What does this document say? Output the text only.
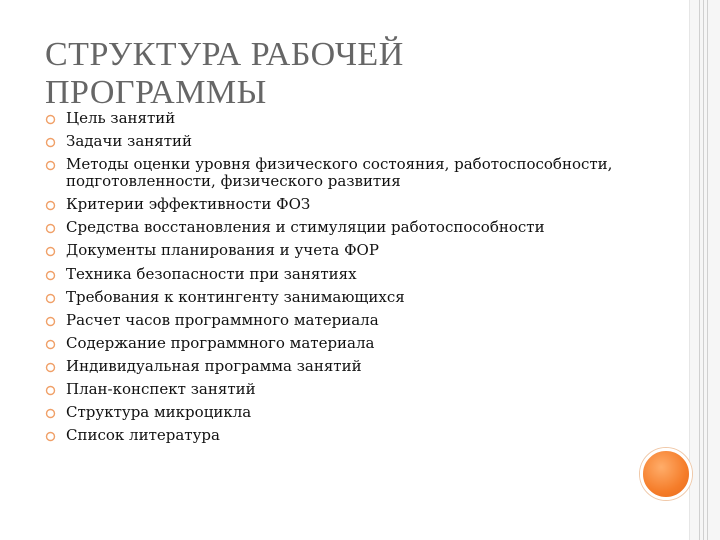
СТРУКТУРА РАБОЧЕЙ
ПРОГРАММЫ
Цель занятий
Задачи занятий
Методы оценки уровня физического состояния, работоспособности,
подготовленности, физического развития
Критерии эффективности ФОЗ
Средства восстановления и стимуляции работоспособности
Документы планирования и учета ФОР
Техника безопасности при занятиях
Требования к контингенту занимающихся
Расчет часов программного материала
Содержание программного материала
Индивидуальная программа занятий
План-конспект занятий
Структура микроцикла
Список литература
